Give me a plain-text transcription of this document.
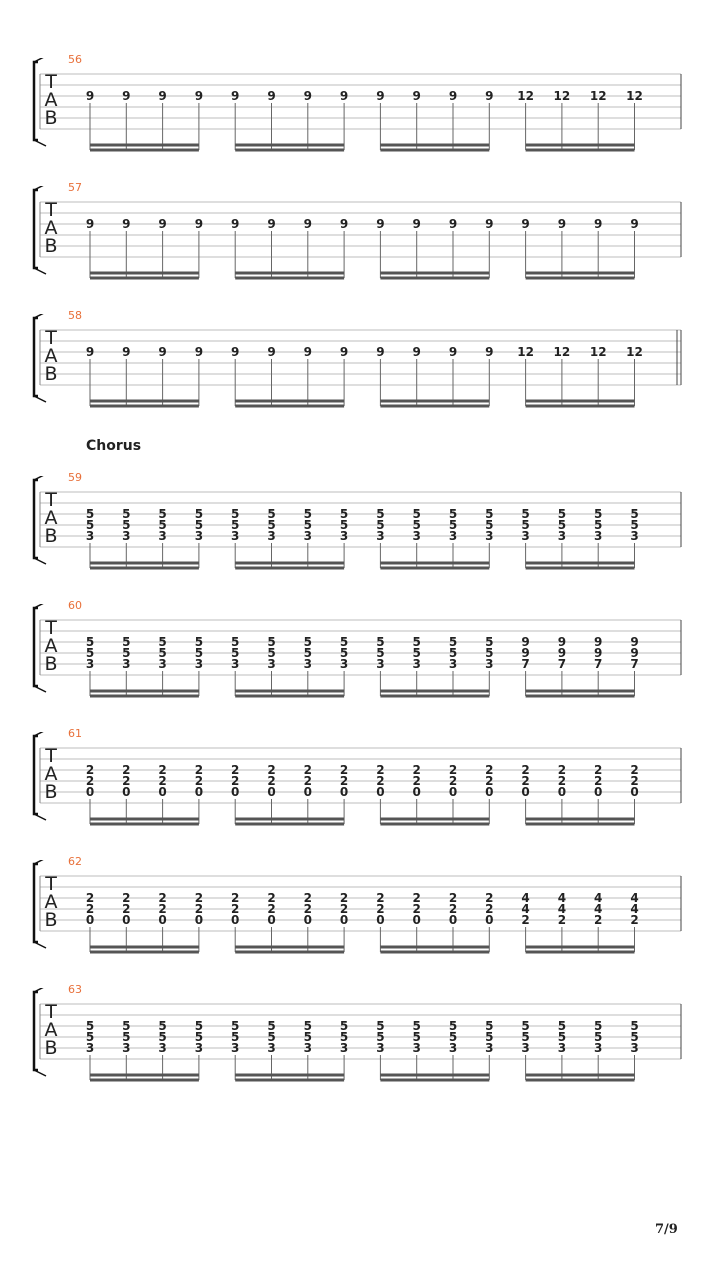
56
T
A
B
9 9 9 9 9 9 9 9 9 9 9 9 12 12 12 12
57
T
A
B
9 9 9 9 9 9 9 9 9 9 9 9 9 9 9 9
58
T
A
B
9 9 9 9 9 9 9 9 9 9 9 9 12 12 12 12
59
T
A
B
5
5
3
5
5
3
5
5
3
5
5
3
5
5
3
5
5
3
5
5
3
5
5
3
5
5
3
5
5
3
5
5
3
5
5
3
5
5
3
5
5
3
5
5
3
5
5
3
60
T
A
B
5
5
3
5
5
3
5
5
3
5
5
3
5
5
3
5
5
3
5
5
3
5
5
3
5
5
3
5
5
3
5
5
3
5
5
3
9
9
7
9
9
7
9
9
7
9
9
7
61
T
A
B
2
2
0
2
2
0
2
2
0
2
2
0
2
2
0
2
2
0
2
2
0
2
2
0
2
2
0
2
2
0
2
2
0
2
2
0
2
2
0
2
2
0
2
2
0
2
2
0
62
T
A
B
2
2
0
2
2
0
2
2
0
2
2
0
2
2
0
2
2
0
2
2
0
2
2
0
2
2
0
2
2
0
2
2
0
2
2
0
4
4
2
4
4
2
4
4
2
4
4
2
63
T
A
B
5
5
3
5
5
3
5
5
3
5
5
3
5
5
3
5
5
3
5
5
3
5
5
3
5
5
3
5
5
3
5
5
3
5
5
3
5
5
3
5
5
3
5
5
3
5
5
3
Chorus
7/9
